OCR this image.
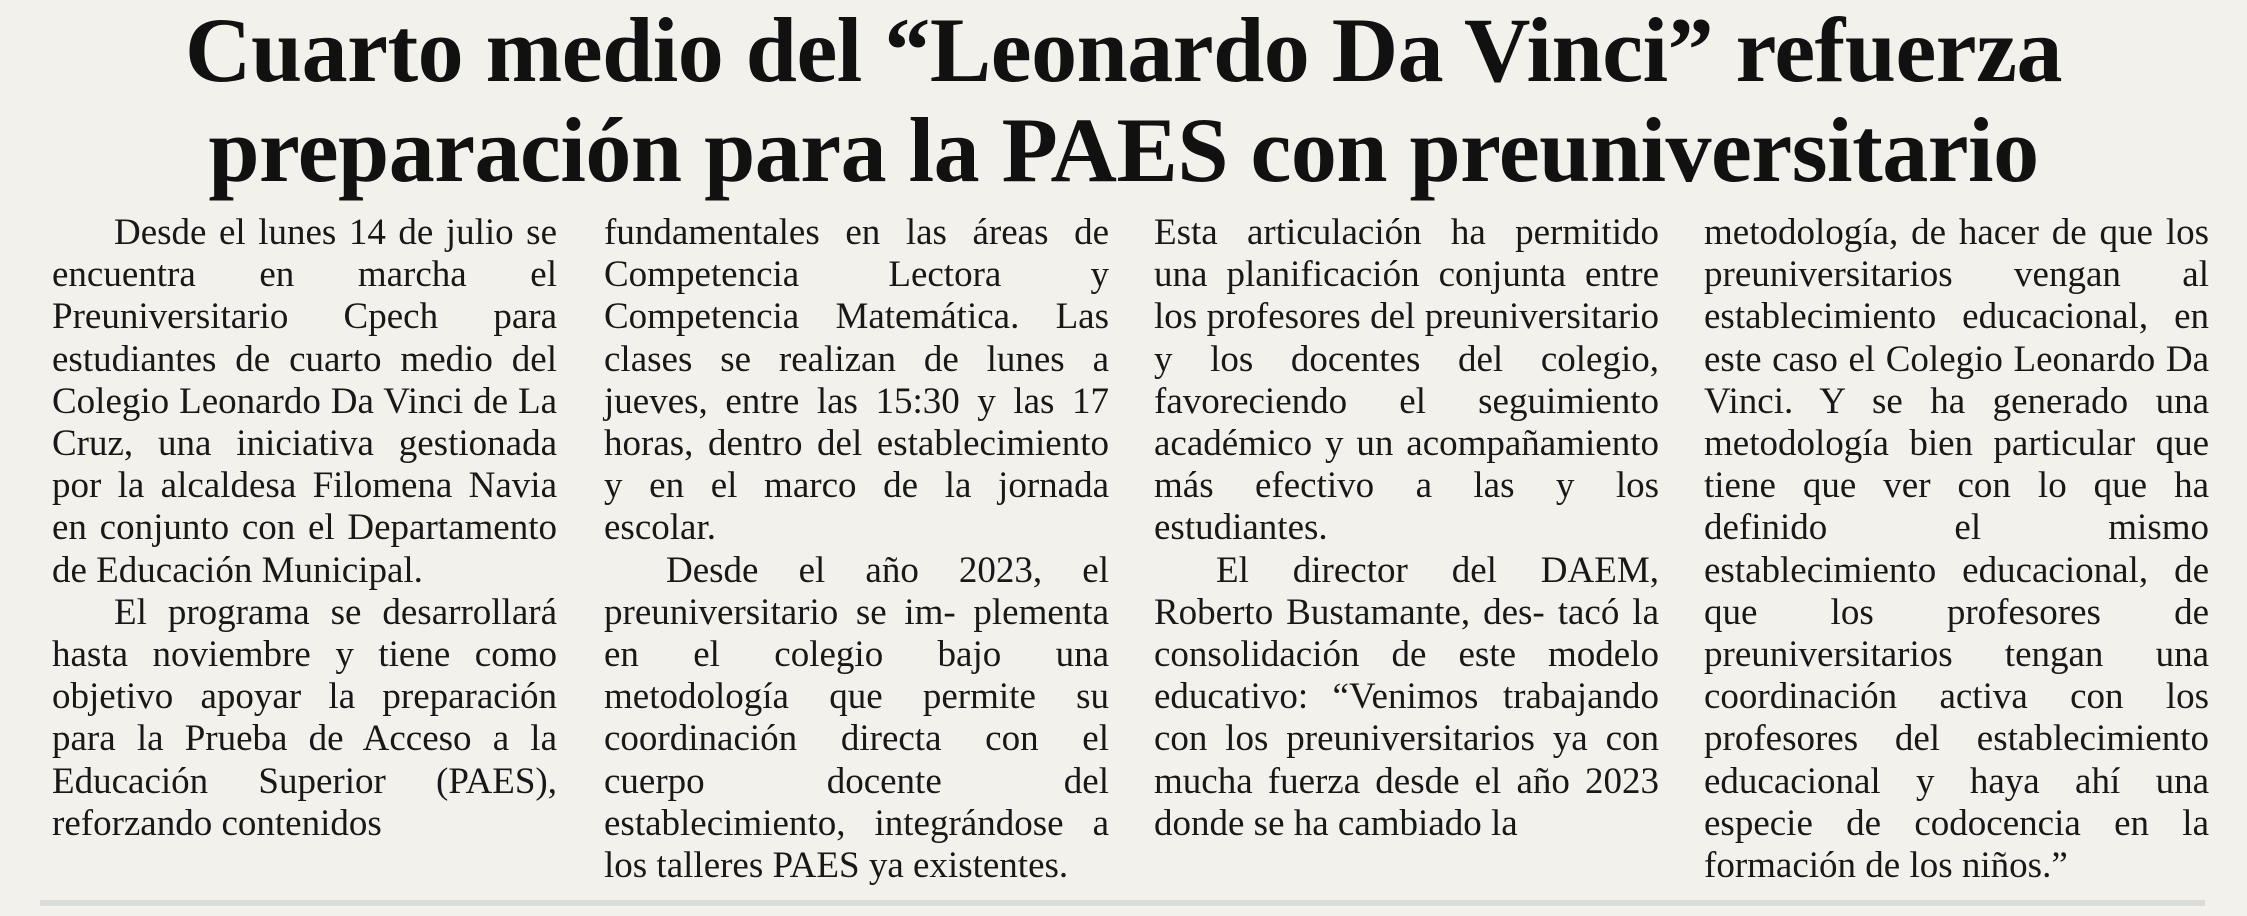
Cuarto medio del “Leonardo Da Vinci” refuerza
preparación para la PAES con preuniversitario

Desde el lunes 14 de julio se encuentra en marcha el Preuniversitario Cpech para estudiantes de cuarto medio del Colegio Leonardo Da Vinci de La Cruz, una iniciativa gestionada por la alcaldesa Filomena Navia en conjunto con el Departamento de Educación Municipal.

El programa se desarrollará hasta noviembre y tiene como objetivo apoyar la preparación para la Prueba de Acceso a la Educación Superior (PAES), reforzando contenidos

fundamentales en las áreas de Competencia Lectora y Competencia Matemática. Las clases se realizan de lunes a jueves, entre las 15:30 y las 17 horas, dentro del establecimiento y en el marco de la jornada escolar.

Desde el año 2023, el preuniversitario se im- plementa en el colegio bajo una metodología que permite su coordinación directa con el cuerpo docente del establecimiento, integrándose a los talleres PAES ya existentes.

Esta articulación ha permitido una planificación conjunta entre los profesores del preuniversitario y los docentes del colegio, favoreciendo el seguimiento académico y un acompañamiento más efectivo a las y los estudiantes.

El director del DAEM, Roberto Bustamante, des- tacó la consolidación de este modelo educativo: “Venimos trabajando con los preuniversitarios ya con mucha fuerza desde el año 2023 donde se ha cambiado la

metodología, de hacer de que los preuniversitarios vengan al establecimiento educacional, en este caso el Colegio Leonardo Da Vinci. Y se ha generado una metodología bien particular que tiene que ver con lo que ha definido el mismo establecimiento educacional, de que los profesores de preuniversitarios tengan una coordinación activa con los profesores del establecimiento educacional y haya ahí una especie de codocencia en la formación de los niños.”
